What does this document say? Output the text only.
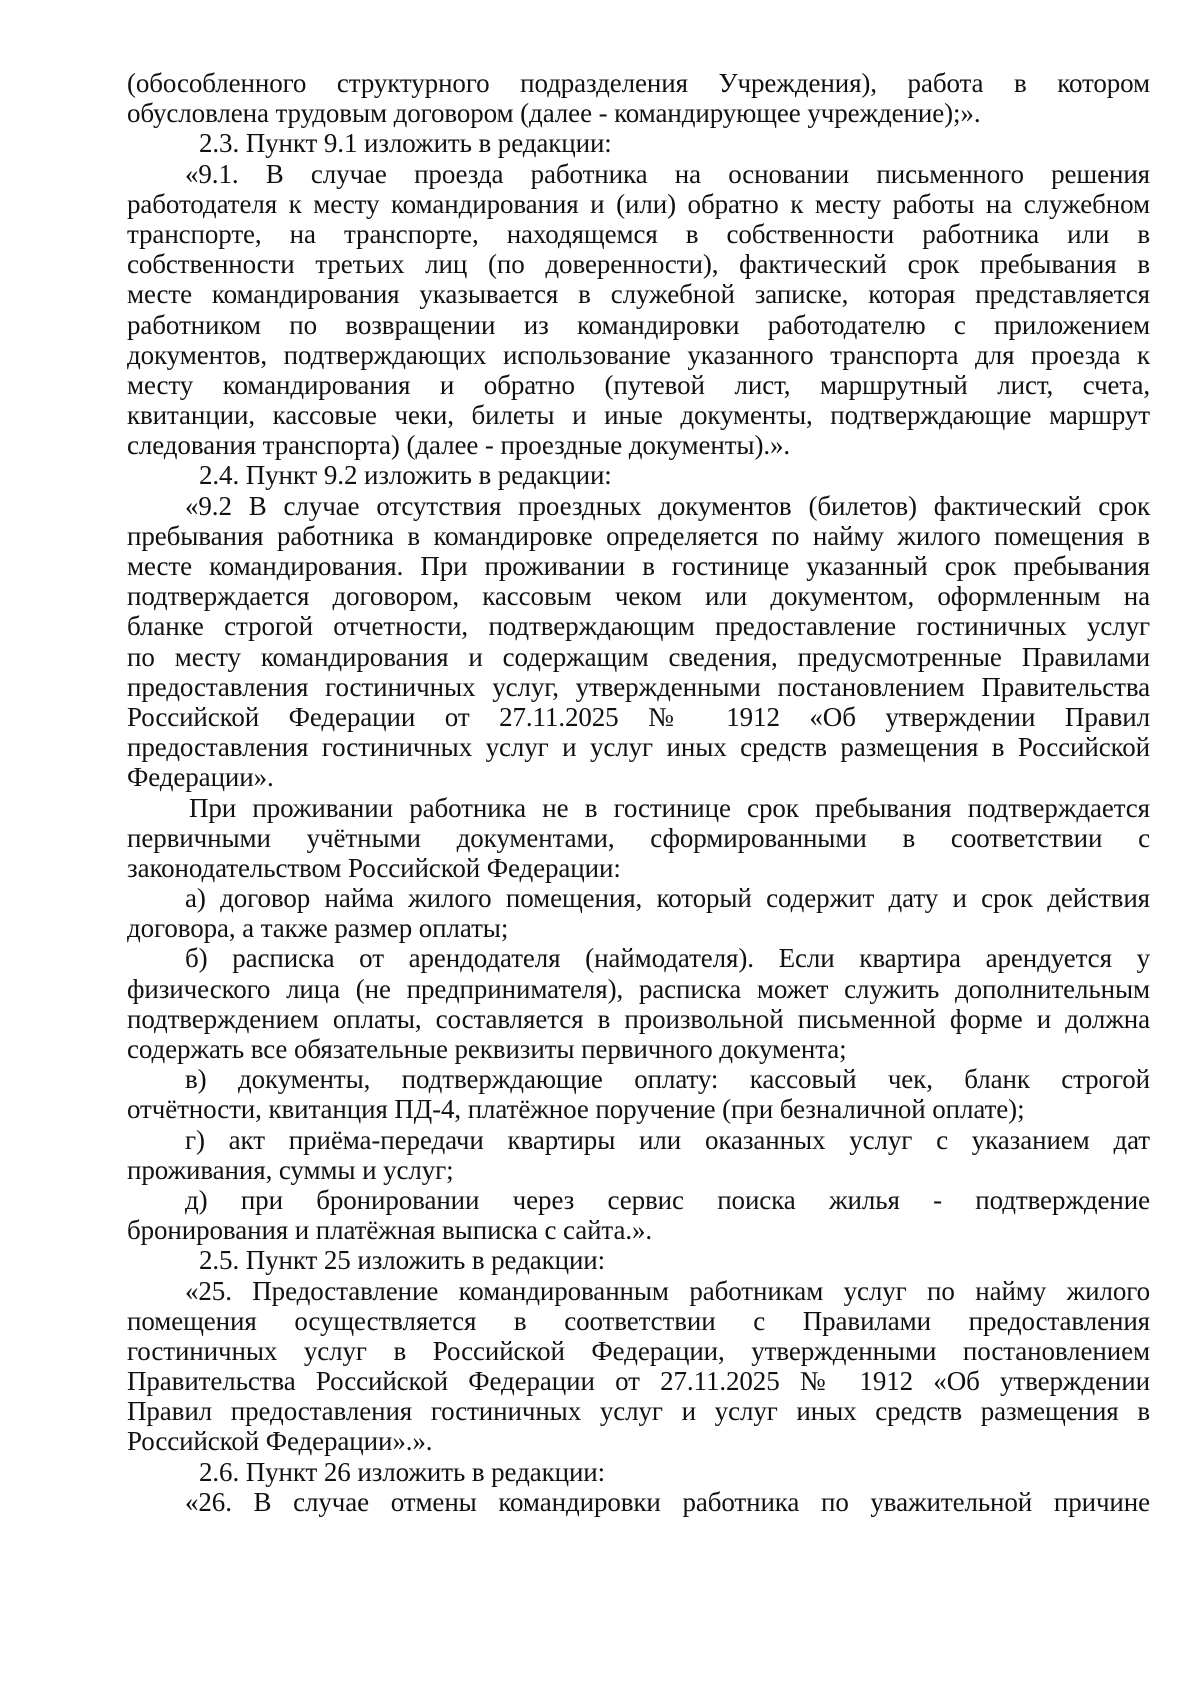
(обособленного структурного подразделения Учреждения), работа в котором
обусловлена трудовым договором (далее - командирующее учреждение);».
2.3. Пункт 9.1 изложить в редакции:
«9.1. В случае проезда работника на основании письменного решения
работодателя к месту командирования и (или) обратно к месту работы на служебном
транспорте, на транспорте, находящемся в собственности работника или в
собственности третьих лиц (по доверенности), фактический срок пребывания в
месте командирования указывается в служебной записке, которая представляется
работником по возвращении из командировки работодателю с приложением
документов, подтверждающих использование указанного транспорта для проезда к
месту командирования и обратно (путевой лист, маршрутный лист, счета,
квитанции, кассовые чеки, билеты и иные документы, подтверждающие маршрут
следования транспорта) (далее - проездные документы).».
2.4. Пункт 9.2 изложить в редакции:
«9.2 В случае отсутствия проездных документов (билетов) фактический срок
пребывания работника в командировке определяется по найму жилого помещения в
месте командирования. При проживании в гостинице указанный срок пребывания
подтверждается договором, кассовым чеком или документом, оформленным на
бланке строгой отчетности, подтверждающим предоставление гостиничных услуг
по месту командирования и содержащим сведения, предусмотренные Правилами
предоставления гостиничных услуг, утвержденными постановлением Правительства
Российской Федерации от 27.11.2025 № 1912 «Об утверждении Правил
предоставления гостиничных услуг и услуг иных средств размещения в Российской
Федерации».
При проживании работника не в гостинице срок пребывания подтверждается
первичными учётными документами, сформированными в соответствии с
законодательством Российской Федерации:
а) договор найма жилого помещения, который содержит дату и срок действия
договора, а также размер оплаты;
б) расписка от арендодателя (наймодателя). Если квартира арендуется у
физического лица (не предпринимателя), расписка может служить дополнительным
подтверждением оплаты, составляется в произвольной письменной форме и должна
содержать все обязательные реквизиты первичного документа;
в) документы, подтверждающие оплату: кассовый чек, бланк строгой
отчётности, квитанция ПД-4, платёжное поручение (при безналичной оплате);
г) акт приёма-передачи квартиры или оказанных услуг с указанием дат
проживания, суммы и услуг;
д) при бронировании через сервис поиска жилья - подтверждение
бронирования и платёжная выписка с сайта.».
2.5. Пункт 25 изложить в редакции:
«25. Предоставление командированным работникам услуг по найму жилого
помещения осуществляется в соответствии с Правилами предоставления
гостиничных услуг в Российской Федерации, утвержденными постановлением
Правительства Российской Федерации от 27.11.2025 № 1912 «Об утверждении
Правил предоставления гостиничных услуг и услуг иных средств размещения в
Российской Федерации».».
2.6. Пункт 26 изложить в редакции:
«26. В случае отмены командировки работника по уважительной причине
